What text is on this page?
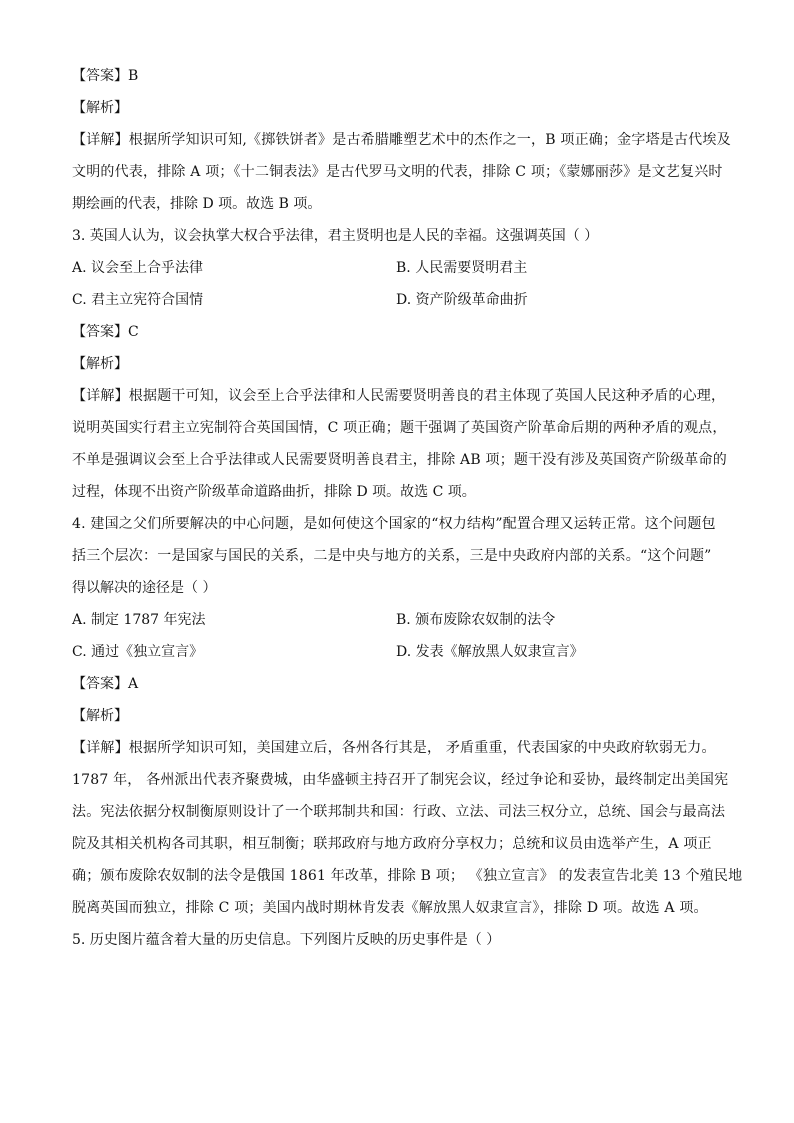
【答案】B
【解析】
【详解】根据所学知识可知,《掷铁饼者》是古希腊雕塑艺术中的杰作之一，B 项正确；金字塔是古代埃及
文明的代表，排除 A 项；《十二铜表法》是古代罗马文明的代表，排除 C 项；《蒙娜丽莎》是文艺复兴时
期绘画的代表，排除 D 项。故选 B 项。
3. 英国人认为，议会执掌大权合乎法律，君主贤明也是人民的幸福。这强调英国（ ）
A. 议会至上合乎法律	B. 人民需要贤明君主
C. 君主立宪符合国情	D. 资产阶级革命曲折
【答案】C
【解析】
【详解】根据题干可知，议会至上合乎法律和人民需要贤明善良的君主体现了英国人民这种矛盾的心理，
说明英国实行君主立宪制符合英国国情，C 项正确；题干强调了英国资产阶革命后期的两种矛盾的观点，
不单是强调议会至上合乎法律或人民需要贤明善良君主，排除 AB 项；题干没有涉及英国资产阶级革命的
过程，体现不出资产阶级革命道路曲折，排除 D 项。故选 C 项。
4. 建国之父们所要解决的中心问题，是如何使这个国家的“权力结构”配置合理又运转正常。这个问题包
括三个层次：一是国家与国民的关系，二是中央与地方的关系，三是中央政府内部的关系。“这个问题”
得以解决的途径是（ ）
A. 制定 1787 年宪法	B. 颁布废除农奴制的法令
C. 通过《独立宣言》	D. 发表《解放黑人奴隶宣言》
【答案】A
【解析】
【详解】根据所学知识可知，美国建立后，各州各行其是， 矛盾重重，代表国家的中央政府软弱无力。
1787 年， 各州派出代表齐聚费城，由华盛顿主持召开了制宪会议，经过争论和妥协，最终制定出美国宪
法。宪法依据分权制衡原则设计了一个联邦制共和国：行政、立法、司法三权分立，总统、国会与最高法
院及其相关机构各司其职，相互制衡；联邦政府与地方政府分享权力；总统和议员由选举产生，A 项正
确；颁布废除农奴制的法令是俄国 1861 年改革，排除 B 项； 《独立宣言》 的发表宣告北美 13 个殖民地
脱离英国而独立，排除 C 项；美国内战时期林肯发表《解放黑人奴隶宣言》，排除 D 项。故选 A 项。
5. 历史图片蕴含着大量的历史信息。下列图片反映的历史事件是（ ）
